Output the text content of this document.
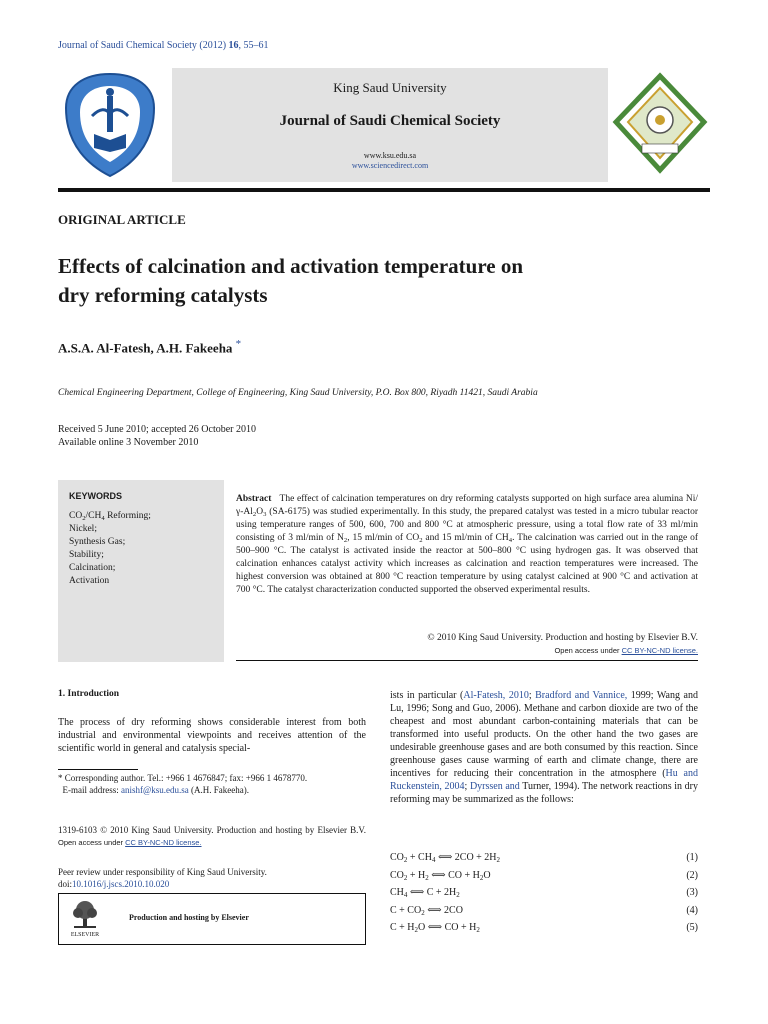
Journal of Saudi Chemical Society (2012) 16, 55–61
King Saud University
Journal of Saudi Chemical Society
www.ksu.edu.sa
www.sciencedirect.com
ORIGINAL ARTICLE
Effects of calcination and activation temperature on
dry reforming catalysts
A.S.A. Al-Fatesh, A.H. Fakeeha *
Chemical Engineering Department, College of Engineering, King Saud University, P.O. Box 800, Riyadh 11421, Saudi Arabia
Received 5 June 2010; accepted 26 October 2010
Available online 3 November 2010
KEYWORDS
$CO_2/CH_4$ Reforming;
Nickel;
Synthesis Gas;
Stability;
Calcination;
Activation
Abstract The effect of calcination temperatures on dry reforming catalysts supported on high surface area alumina $Ni/\gamma-Al_2O_3$ (SA-6175) was studied experimentally. In this study, the prepared catalyst was tested in a micro tubular reactor using temperature ranges of 500, 600, 700 and 800 °C at atmospheric pressure, using a total flow rate of 33 ml/min consisting of 3 ml/min of $N_2$, 15 ml/min of $CO_2$ and 15 ml/min of $CH_4$. The calcination was carried out in the range of 500–900 °C. The catalyst is activated inside the reactor at 500–800 °C using hydrogen gas. It was observed that calcination enhances catalyst activity which increases as calcination and reaction temperatures were increased. The highest conversion was obtained at 800 °C reaction temperature by using catalyst calcined at 900 °C and activation at 700 °C. The catalyst characterization conducted supported the observed experimental results.
© 2010 King Saud University. Production and hosting by Elsevier B.V.
Open access under CC BY-NC-ND license.
1. Introduction
The process of dry reforming shows considerable interest from both industrial and environmental viewpoints and receives attention of the scientific world in general and catalysis special-
* Corresponding author. Tel.: +966 1 4676847; fax: +966 1 4678770.
E-mail address: anishf@ksu.edu.sa (A.H. Fakeeha).
1319-6103 © 2010 King Saud University. Production and hosting by Elsevier B.V. Open access under CC BY-NC-ND license.
Peer review under responsibility of King Saud University.
doi:10.1016/j.jscs.2010.10.020
ELSEVIER
Production and hosting by Elsevier
ists in particular (Al-Fatesh, 2010; Bradford and Vannice, 1999; Wang and Lu, 1996; Song and Guo, 2006). Methane and carbon dioxide are two of the cheapest and most abundant carbon-containing materials that can be transformed into useful products. On the other hand the two gases are undesirable greenhouse gases and are both consumed by this reaction. Since greenhouse gases cause warming of earth and climate change, there are incentives for reducing their concentration in the atmosphere (Hu and Ruckenstein, 2004; Dyrssen and Turner, 1994). The network reactions in dry reforming may be summarized as the follows:
$CO_2 + CH_4$ ⟺ $2CO + 2H_2$	(1)
$CO_2 + H_2$ ⟺ CO + $H_2O$	(2)
$CH_4$ ⟺ $C + 2H_2$	(3)
$C + CO_2$ ⟺ 2CO	(4)
$C + H_2O$ ⟺ CO + $H_2$	(5)
